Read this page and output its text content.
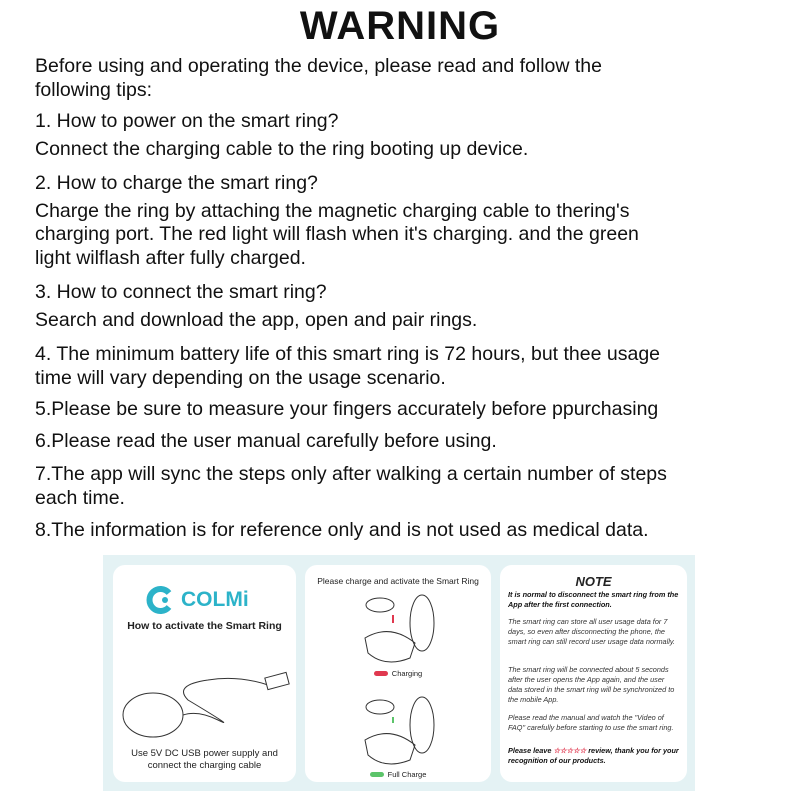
WARNING
Before using and operating the device, please read and follow the
following tips:
1. How to power on the smart ring?
Connect the charging cable to the ring booting up device.
2. How to charge the smart ring?
Charge the ring by attaching the magnetic charging cable to thering's
charging port. The red light will flash when it's charging. and the green
light wilflash after fully charged.
3. How to connect the smart ring?
Search and download the app, open and pair rings.
4. The minimum battery life of this smart ring is 72 hours, but thee usage
time will vary depending on the usage scenario.
5.Please be sure to measure your fingers accurately before ppurchasing
6.Please read the user manual carefully before using.
7.The app will sync the steps only after walking a certain number of steps
each time.
8.The information is for reference only and is not used as medical data.
COLMi
How to activate the Smart Ring
Use 5V DC USB power supply and
connect the charging cable
Please charge and activate the Smart Ring
Charging
Full Charge
NOTE
It is normal to disconnect the smart ring from the App after the first connection.
The smart ring can store all user usage data for 7 days, so even after disconnecting the phone, the smart ring can still record user usage data normally.
The smart ring will be connected about 5 seconds after the user opens the App again, and the user data stored in the smart ring will be synchronized to the mobile App.
Please read the manual and watch the "Video of FAQ" carefully before starting to use the smart ring.
Please leave ☆☆☆☆☆ review, thank you for your recognition of our products.
